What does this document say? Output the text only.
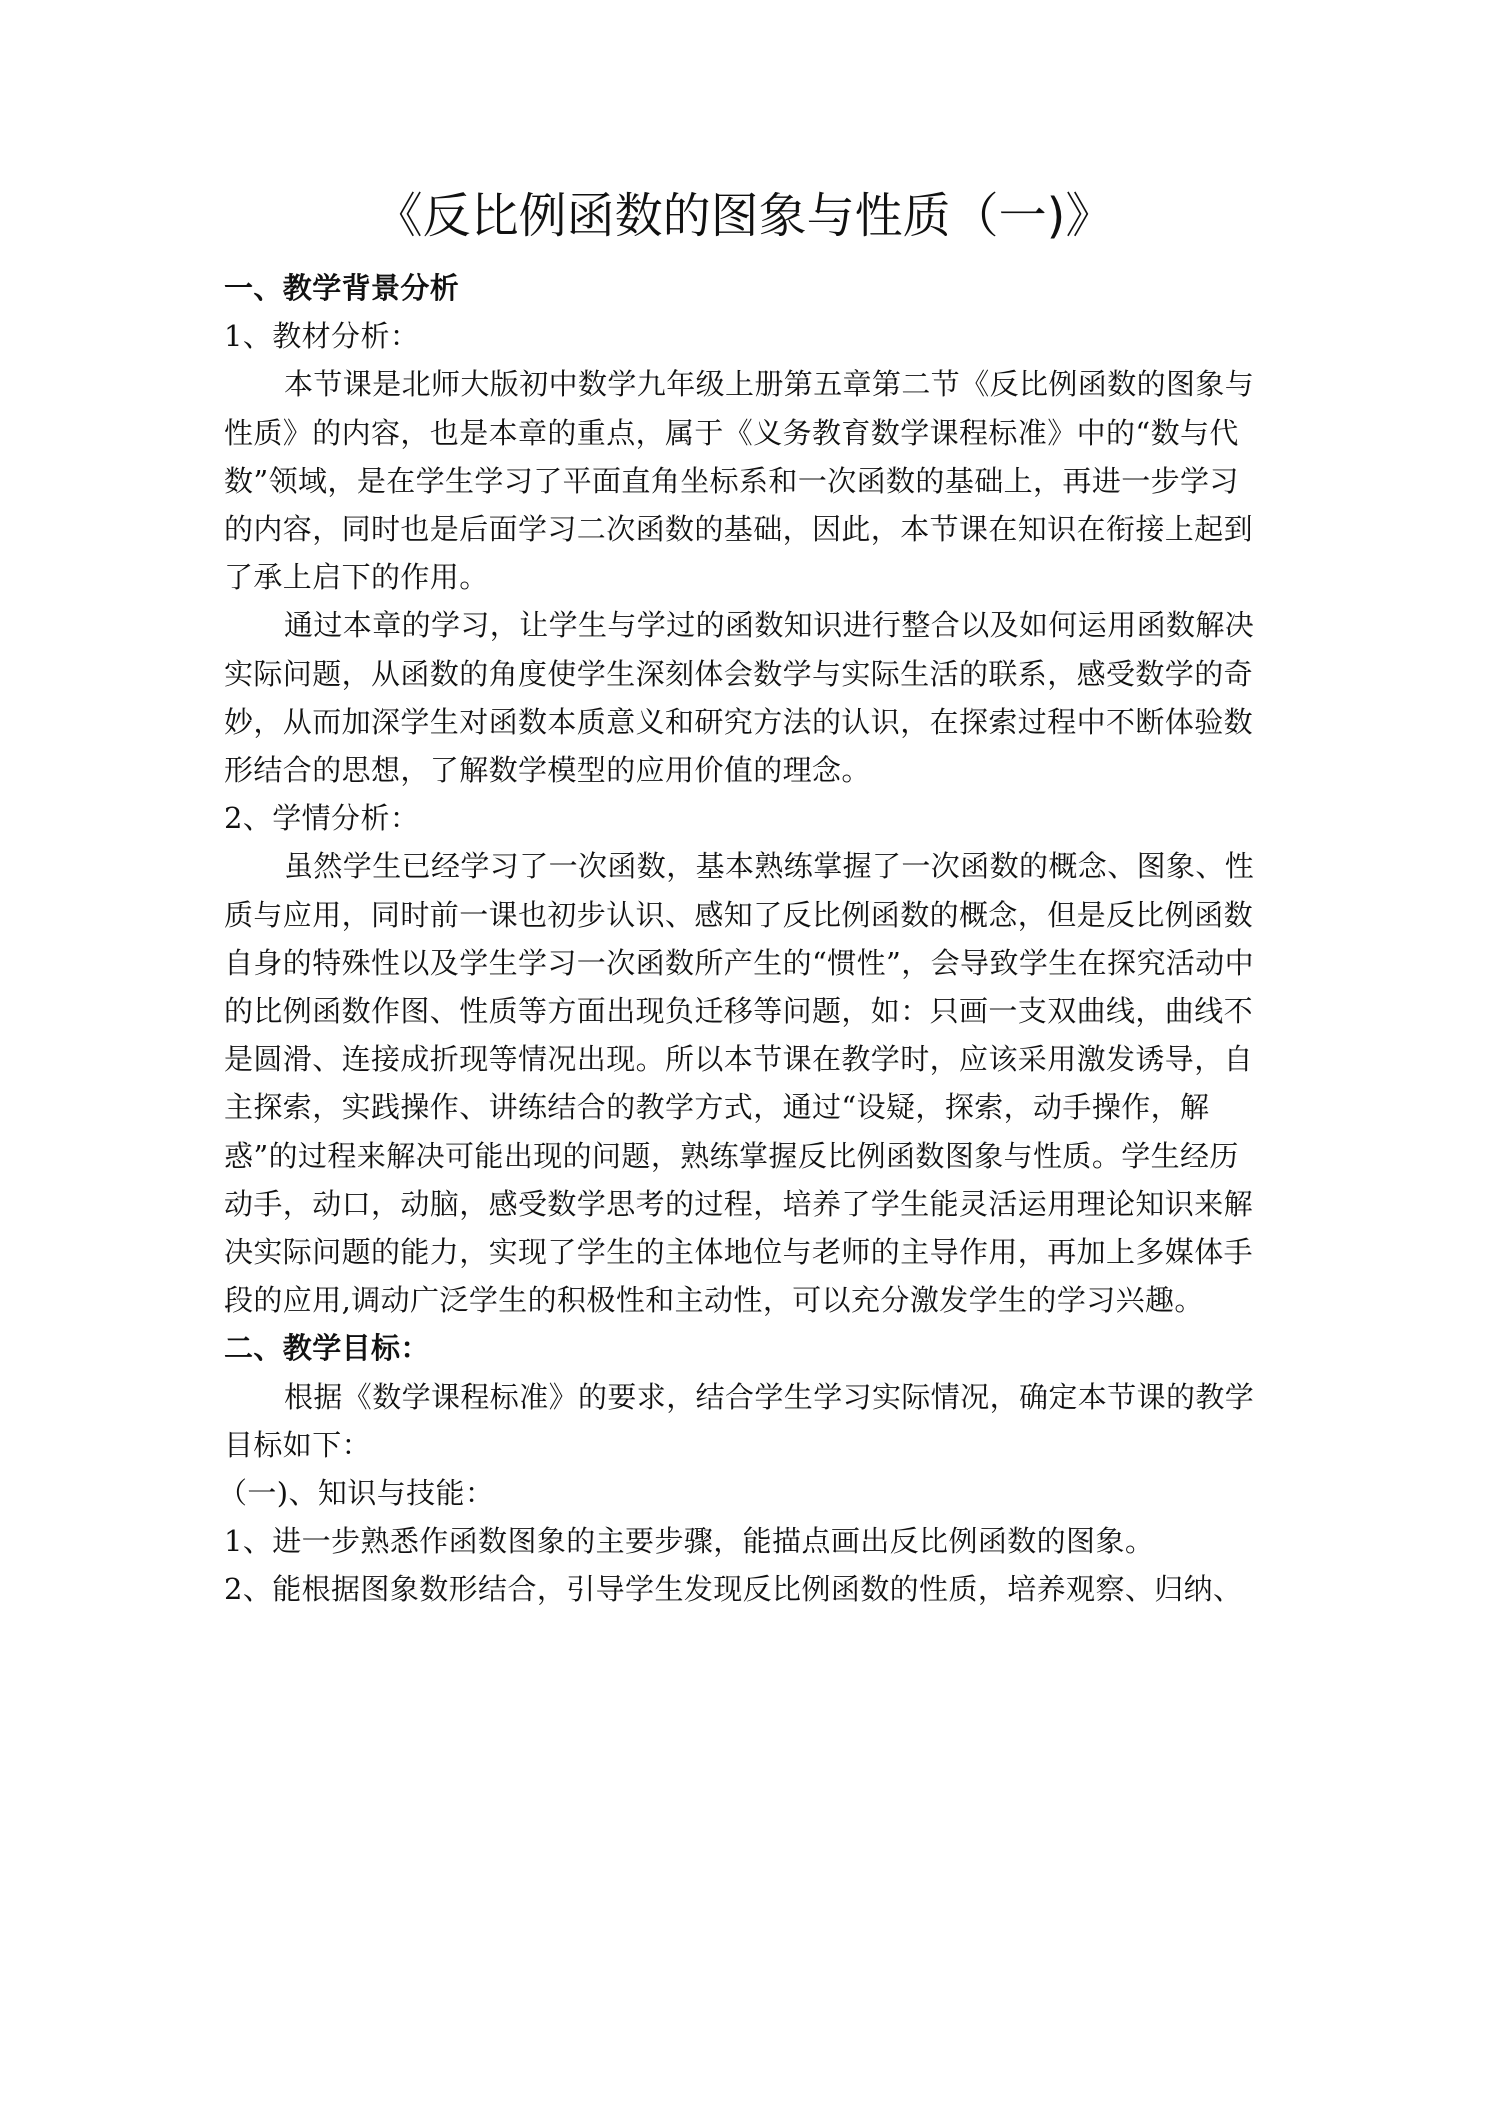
《反比例函数的图象与性质（一)》

一、教学背景分析

1、教材分析：

本节课是北师大版初中数学九年级上册第五章第二节《反比例函数的图象与性质》的内容，也是本章的重点，属于《义务教育数学课程标准》中的“数与代数”领域，是在学生学习了平面直角坐标系和一次函数的基础上，再进一步学习的内容，同时也是后面学习二次函数的基础，因此，本节课在知识在衔接上起到了承上启下的作用。

通过本章的学习，让学生与学过的函数知识进行整合以及如何运用函数解决实际问题，从函数的角度使学生深刻体会数学与实际生活的联系，感受数学的奇妙，从而加深学生对函数本质意义和研究方法的认识，在探索过程中不断体验数形结合的思想，了解数学模型的应用价值的理念。

2、学情分析：

虽然学生已经学习了一次函数，基本熟练掌握了一次函数的概念、图象、性质与应用，同时前一课也初步认识、感知了反比例函数的概念，但是反比例函数自身的特殊性以及学生学习一次函数所产生的“惯性”，会导致学生在探究活动中的比例函数作图、性质等方面出现负迁移等问题，如：只画一支双曲线，曲线不是圆滑、连接成折现等情况出现。所以本节课在教学时，应该采用激发诱导，自主探索，实践操作、讲练结合的教学方式，通过“设疑，探索，动手操作，解惑”的过程来解决可能出现的问题，熟练掌握反比例函数图象与性质。学生经历动手，动口，动脑，感受数学思考的过程，培养了学生能灵活运用理论知识来解决实际问题的能力，实现了学生的主体地位与老师的主导作用，再加上多媒体手段的应用,调动广泛学生的积极性和主动性，可以充分激发学生的学习兴趣。

二、教学目标：

根据《数学课程标准》的要求，结合学生学习实际情况，确定本节课的教学目标如下：

（一)、知识与技能：

1、进一步熟悉作函数图象的主要步骤，能描点画出反比例函数的图象。

2、能根据图象数形结合，引导学生发现反比例函数的性质，培养观察、归纳、
